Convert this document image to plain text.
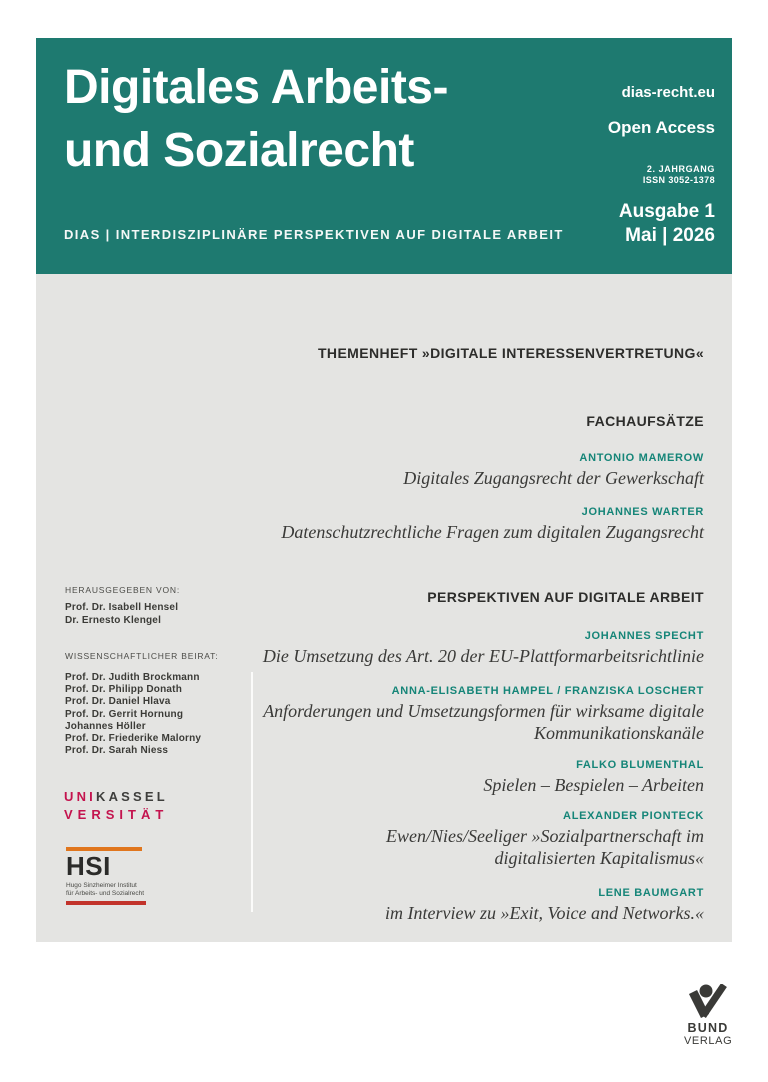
Digitales Arbeits-
und Sozialrecht
dias-recht.eu
Open Access
2. JAHRGANG
ISSN 3052-1378
Ausgabe 1
Mai | 2026
DIAS | INTERDISZIPLINÄRE PERSPEKTIVEN AUF DIGITALE ARBEIT
THEMENHEFT »DIGITALE INTERESSENVERTRETUNG«
FACHAUFSÄTZE
ANTONIO MAMEROW
Digitales Zugangsrecht der Gewerkschaft
JOHANNES WARTER
Datenschutzrechtliche Fragen zum digitalen Zugangsrecht
PERSPEKTIVEN AUF DIGITALE ARBEIT
JOHANNES SPECHT
Die Umsetzung des Art. 20 der EU-Plattformarbeitsrichtlinie
ANNA-ELISABETH HAMPEL / FRANZISKA LOSCHERT
Anforderungen und Umsetzungsformen für wirksame digitale Kommunikationskanäle
FALKO BLUMENTHAL
Spielen – Bespielen – Arbeiten
ALEXANDER PIONTECK
Ewen/Nies/Seeliger »Sozialpartnerschaft im digitalisierten Kapitalismus«
LENE BAUMGART
im Interview zu »Exit, Voice and Networks.«
HERAUSGEGEBEN VON:
Prof. Dr. Isabell Hensel
Dr. Ernesto Klengel
WISSENSCHAFTLICHER BEIRAT:
Prof. Dr. Judith Brockmann
Prof. Dr. Philipp Donath
Prof. Dr. Daniel Hlava
Prof. Dr. Gerrit Hornung
Johannes Höller
Prof. Dr. Friederike Malorny
Prof. Dr. Sarah Niess
UNIKASSEL
VERSITÄT
HSI
Hugo Sinzheimer Institut
für Arbeits- und Sozialrecht
BUND
VERLAG
